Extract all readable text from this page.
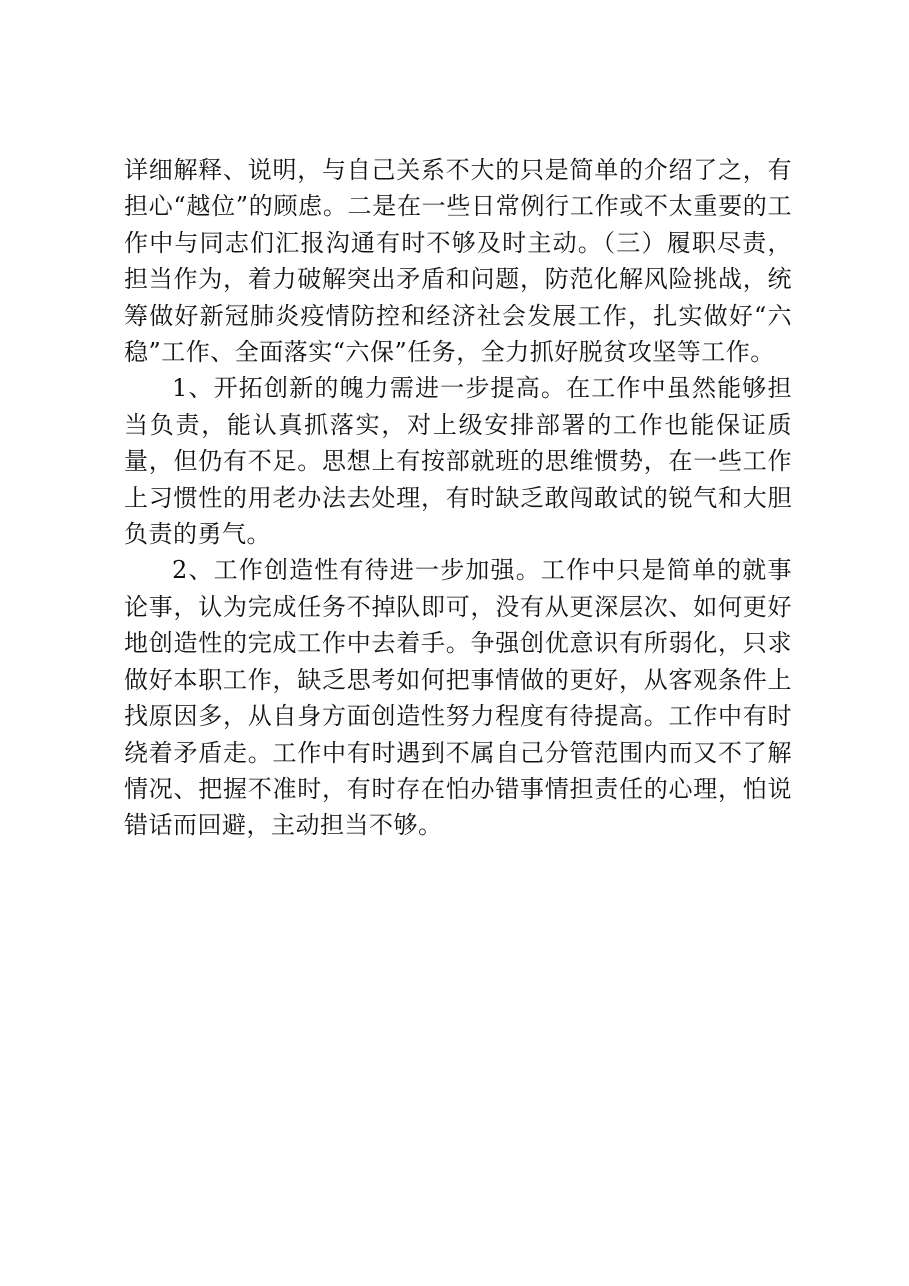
详细解释、说明，与自己关系不大的只是简单的介绍了之，有担心“越位”的顾虑。二是在一些日常例行工作或不太重要的工作中与同志们汇报沟通有时不够及时主动。（三）履职尽责，担当作为，着力破解突出矛盾和问题，防范化解风险挑战，统筹做好新冠肺炎疫情防控和经济社会发展工作，扎实做好“六稳”工作、全面落实“六保”任务，全力抓好脱贫攻坚等工作。

1、开拓创新的魄力需进一步提高。在工作中虽然能够担当负责，能认真抓落实，对上级安排部署的工作也能保证质量，但仍有不足。思想上有按部就班的思维惯势，在一些工作上习惯性的用老办法去处理，有时缺乏敢闯敢试的锐气和大胆负责的勇气。

2、工作创造性有待进一步加强。工作中只是简单的就事论事，认为完成任务不掉队即可，没有从更深层次、如何更好地创造性的完成工作中去着手。争强创优意识有所弱化，只求做好本职工作，缺乏思考如何把事情做的更好，从客观条件上找原因多，从自身方面创造性努力程度有待提高。工作中有时绕着矛盾走。工作中有时遇到不属自己分管范围内而又不了解情况、把握不准时，有时存在怕办错事情担责任的心理，怕说错话而回避，主动担当不够。
